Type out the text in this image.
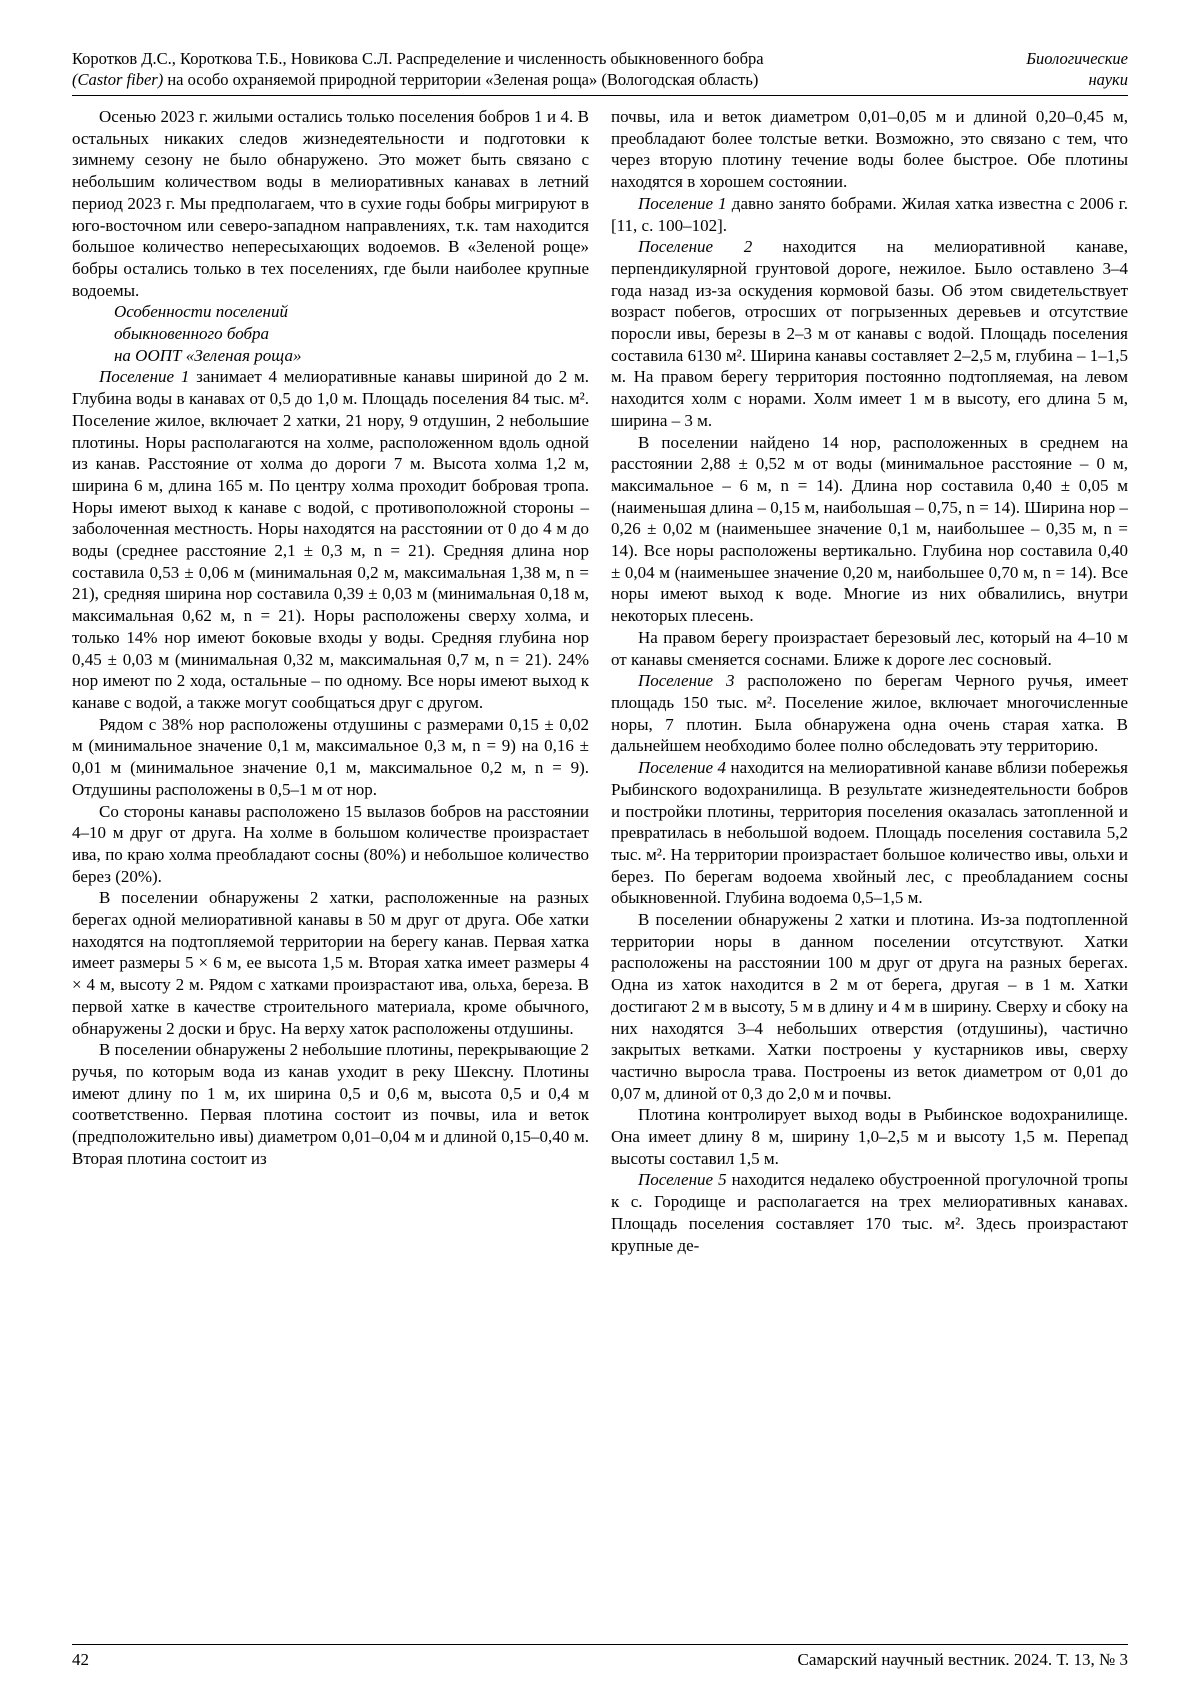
Коротков Д.С., Короткова Т.Б., Новикова С.Л. Распределение и численность обыкновенного бобра	Биологические
(Castor fiber) на особо охраняемой природной территории «Зеленая роща» (Вологодская область)	науки

Осенью 2023 г. жилыми остались только поселения бобров 1 и 4. В остальных никаких следов жизнедеятельности и подготовки к зимнему сезону не было обнаружено. Это может быть связано с небольшим количеством воды в мелиоративных канавах в летний период 2023 г. Мы предполагаем, что в сухие годы бобры мигрируют в юго-восточном или северо-западном направлениях, т.к. там находится большое количество непересыхающих водоемов. В «Зеленой роще» бобры остались только в тех поселениях, где были наиболее крупные водоемы.

Особенности поселений
обыкновенного бобра
на ООПТ «Зеленая роща»

Поселение 1 занимает 4 мелиоративные канавы шириной до 2 м. Глубина воды в канавах от 0,5 до 1,0 м. Площадь поселения 84 тыс. м². Поселение жилое, включает 2 хатки, 21 нору, 9 отдушин, 2 небольшие плотины. Норы располагаются на холме, расположенном вдоль одной из канав. Расстояние от холма до дороги 7 м. Высота холма 1,2 м, ширина 6 м, длина 165 м. По центру холма проходит бобровая тропа. Норы имеют выход к канаве с водой, с противоположной стороны – заболоченная местность. Норы находятся на расстоянии от 0 до 4 м до воды (среднее расстояние 2,1 ± 0,3 м, n = 21). Средняя длина нор составила 0,53 ± 0,06 м (минимальная 0,2 м, максимальная 1,38 м, n = 21), средняя ширина нор составила 0,39 ± 0,03 м (минимальная 0,18 м, максимальная 0,62 м, n = 21). Норы расположены сверху холма, и только 14% нор имеют боковые входы у воды. Средняя глубина нор 0,45 ± 0,03 м (минимальная 0,32 м, максимальная 0,7 м, n = 21). 24% нор имеют по 2 хода, остальные – по одному. Все норы имеют выход к канаве с водой, а также могут сообщаться друг с другом.

Рядом с 38% нор расположены отдушины с размерами 0,15 ± 0,02 м (минимальное значение 0,1 м, максимальное 0,3 м, n = 9) на 0,16 ± 0,01 м (минимальное значение 0,1 м, максимальное 0,2 м, n = 9). Отдушины расположены в 0,5–1 м от нор.

Со стороны канавы расположено 15 вылазов бобров на расстоянии 4–10 м друг от друга. На холме в большом количестве произрастает ива, по краю холма преобладают сосны (80%) и небольшое количество берез (20%).

В поселении обнаружены 2 хатки, расположенные на разных берегах одной мелиоративной канавы в 50 м друг от друга. Обе хатки находятся на подтопляемой территории на берегу канав. Первая хатка имеет размеры 5 × 6 м, ее высота 1,5 м. Вторая хатка имеет размеры 4 × 4 м, высоту 2 м. Рядом с хатками произрастают ива, ольха, береза. В первой хатке в качестве строительного материала, кроме обычного, обнаружены 2 доски и брус. На верху хаток расположены отдушины.

В поселении обнаружены 2 небольшие плотины, перекрывающие 2 ручья, по которым вода из канав уходит в реку Шексну. Плотины имеют длину по 1 м, их ширина 0,5 и 0,6 м, высота 0,5 и 0,4 м соответственно. Первая плотина состоит из почвы, ила и веток (предположительно ивы) диаметром 0,01–0,04 м и длиной 0,15–0,40 м. Вторая плотина состоит из

почвы, ила и веток диаметром 0,01–0,05 м и длиной 0,20–0,45 м, преобладают более толстые ветки. Возможно, это связано с тем, что через вторую плотину течение воды более быстрое. Обе плотины находятся в хорошем состоянии.

Поселение 1 давно занято бобрами. Жилая хатка известна с 2006 г. [11, с. 100–102].

Поселение 2 находится на мелиоративной канаве, перпендикулярной грунтовой дороге, нежилое. Было оставлено 3–4 года назад из-за оскудения кормовой базы. Об этом свидетельствует возраст побегов, отросших от погрызенных деревьев и отсутствие поросли ивы, березы в 2–3 м от канавы с водой. Площадь поселения составила 6130 м². Ширина канавы составляет 2–2,5 м, глубина – 1–1,5 м. На правом берегу территория постоянно подтопляемая, на левом находится холм с норами. Холм имеет 1 м в высоту, его длина 5 м, ширина – 3 м.

В поселении найдено 14 нор, расположенных в среднем на расстоянии 2,88 ± 0,52 м от воды (минимальное расстояние – 0 м, максимальное – 6 м, n = 14). Длина нор составила 0,40 ± 0,05 м (наименьшая длина – 0,15 м, наибольшая – 0,75, n = 14). Ширина нор – 0,26 ± 0,02 м (наименьшее значение 0,1 м, наибольшее – 0,35 м, n = 14). Все норы расположены вертикально. Глубина нор составила 0,40 ± 0,04 м (наименьшее значение 0,20 м, наибольшее 0,70 м, n = 14). Все норы имеют выход к воде. Многие из них обвалились, внутри некоторых плесень.

На правом берегу произрастает березовый лес, который на 4–10 м от канавы сменяется соснами. Ближе к дороге лес сосновый.

Поселение 3 расположено по берегам Черного ручья, имеет площадь 150 тыс. м². Поселение жилое, включает многочисленные норы, 7 плотин. Была обнаружена одна очень старая хатка. В дальнейшем необходимо более полно обследовать эту территорию.

Поселение 4 находится на мелиоративной канаве вблизи побережья Рыбинского водохранилища. В результате жизнедеятельности бобров и постройки плотины, территория поселения оказалась затопленной и превратилась в небольшой водоем. Площадь поселения составила 5,2 тыс. м². На территории произрастает большое количество ивы, ольхи и берез. По берегам водоема хвойный лес, с преобладанием сосны обыкновенной. Глубина водоема 0,5–1,5 м.

В поселении обнаружены 2 хатки и плотина. Из-за подтопленной территории норы в данном поселении отсутствуют. Хатки расположены на расстоянии 100 м друг от друга на разных берегах. Одна из хаток находится в 2 м от берега, другая – в 1 м. Хатки достигают 2 м в высоту, 5 м в длину и 4 м в ширину. Сверху и сбоку на них находятся 3–4 небольших отверстия (отдушины), частично закрытых ветками. Хатки построены у кустарников ивы, сверху частично выросла трава. Построены из веток диаметром от 0,01 до 0,07 м, длиной от 0,3 до 2,0 м и почвы.

Плотина контролирует выход воды в Рыбинское водохранилище. Она имеет длину 8 м, ширину 1,0–2,5 м и высоту 1,5 м. Перепад высоты составил 1,5 м.

Поселение 5 находится недалеко обустроенной прогулочной тропы к с. Городище и располагается на трех мелиоративных канавах. Площадь поселения составляет 170 тыс. м². Здесь произрастают крупные де-

42	Самарский научный вестник. 2024. Т. 13, № 3
